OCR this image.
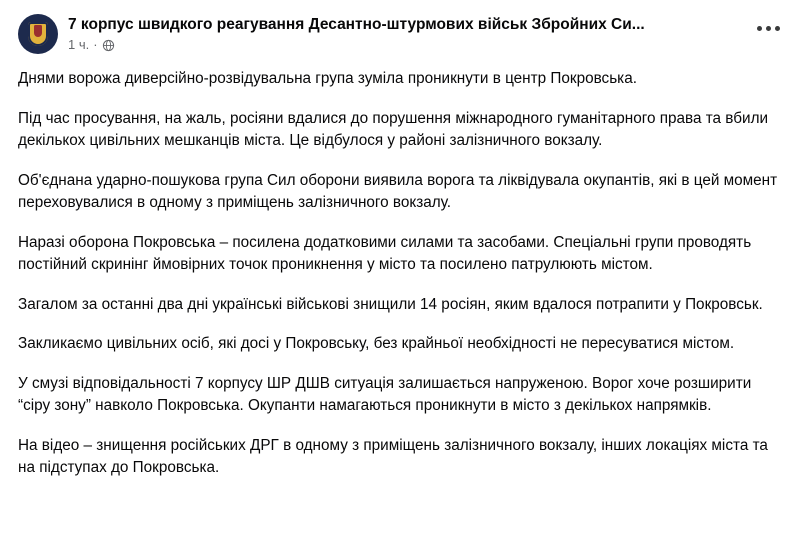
7 корпус швидкого реагування Десантно-штурмових військ Збройних Си...
1 ч. ·

Днями ворожа диверсійно-розвідувальна група зуміла проникнути в центр Покровська.

Під час просування, на жаль, росіяни вдалися до порушення міжнародного гуманітарного права та вбили декількох цивільних мешканців міста. Це відбулося у районі залізничного вокзалу.

Об'єднана ударно-пошукова група Сил оборони виявила ворога та ліквідувала окупантів, які в цей момент переховувалися в одному з приміщень залізничного вокзалу.

Наразі оборона Покровська – посилена додатковими силами та засобами. Спеціальні групи проводять постійний скринінг ймовірних точок проникнення у місто та посилено патрулюють містом.

Загалом за останні два дні українські військові знищили 14 росіян, яким вдалося потрапити у Покровськ.

Закликаємо цивільних осіб, які досі у Покровську, без крайньої необхідності не пересуватися містом.

У смузі відповідальності 7 корпусу ШР ДШВ ситуація залишається напруженою. Ворог хоче розширити “сіру зону” навколо Покровська. Окупанти намагаються проникнути в місто з декількох напрямків.

На відео – знищення російських ДРГ в одному з приміщень залізничного вокзалу, інших локаціях міста та на підступах до Покровська.
